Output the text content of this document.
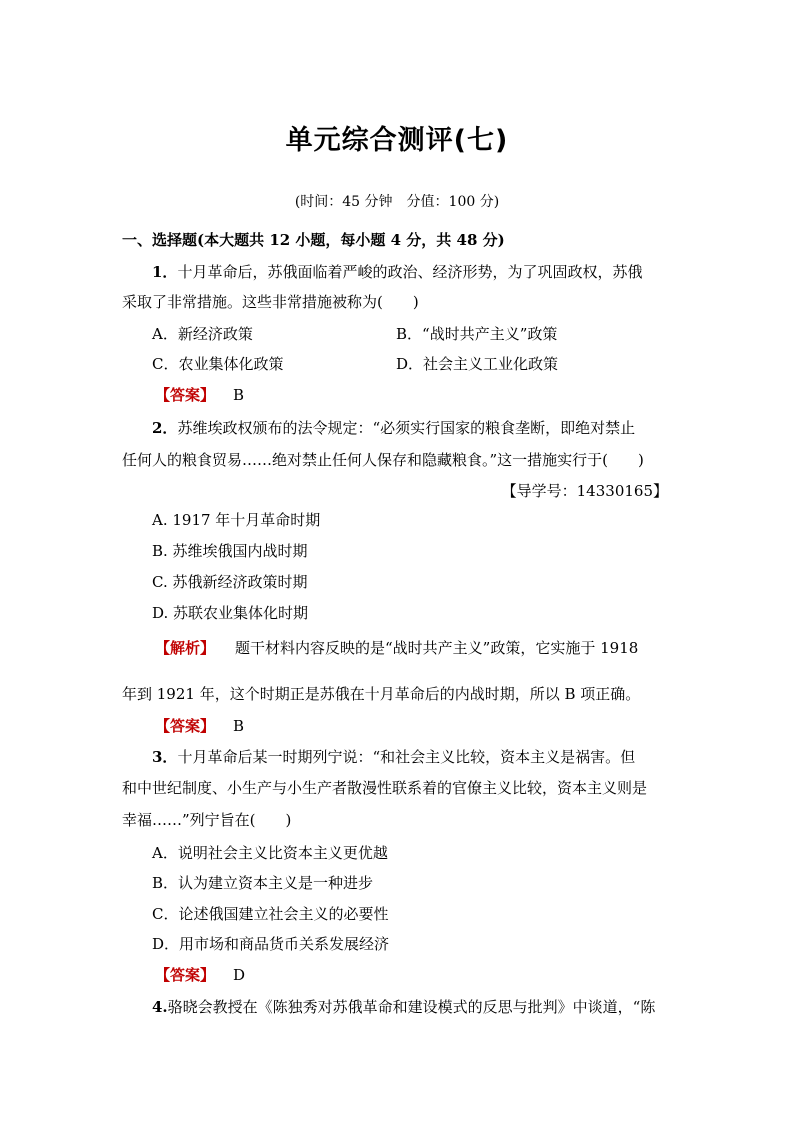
单元综合测评(七)
(时间：45 分钟　分值：100 分)
一、选择题(本大题共 12 小题，每小题 4 分，共 48 分)
1．十月革命后，苏俄面临着严峻的政治、经济形势，为了巩固政权，苏俄
采取了非常措施。这些非常措施被称为(　　)
A．新经济政策	B．“战时共产主义”政策
C．农业集体化政策	D．社会主义工业化政策
【答案】 B
2．苏维埃政权颁布的法令规定：“必须实行国家的粮食垄断，即绝对禁止
任何人的粮食贸易……绝对禁止任何人保存和隐藏粮食。”这一措施实行于(　　)
【导学号：14330165】
A. 1917 年十月革命时期
B. 苏维埃俄国内战时期
C. 苏俄新经济政策时期
D. 苏联农业集体化时期
【解析】 题干材料内容反映的是“战时共产主义”政策，它实施于 1918
年到 1921 年，这个时期正是苏俄在十月革命后的内战时期，所以 B 项正确。
【答案】 B
3．十月革命后某一时期列宁说：“和社会主义比较，资本主义是祸害。但
和中世纪制度、小生产与小生产者散漫性联系着的官僚主义比较，资本主义则是
幸福……”列宁旨在(　　)
A．说明社会主义比资本主义更优越
B．认为建立资本主义是一种进步
C．论述俄国建立社会主义的必要性
D．用市场和商品货币关系发展经济
【答案】 D
4.骆晓会教授在《陈独秀对苏俄革命和建设模式的反思与批判》中谈道，“陈
